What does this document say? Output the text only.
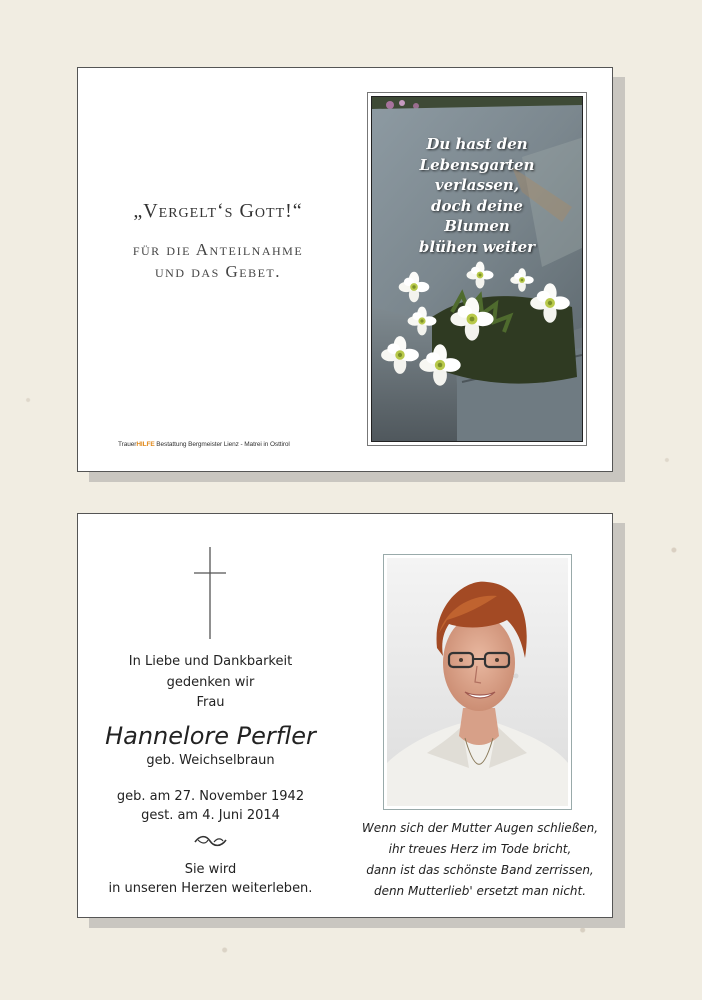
„Vergelt‘s Gott!“
für die Anteilnahme
und das Gebet.
TrauerHILFE Bestattung Bergmeister Lienz - Matrei in Osttirol
Du hast den
Lebensgarten
verlassen,
doch deine
Blumen
blühen weiter
In Liebe und Dankbarkeit
gedenken wir
Frau
Hannelore Perfler
geb. Weichselbraun
geb. am 27. November 1942
gest. am 4. Juni 2014
Sie wird
in unseren Herzen weiterleben.
Wenn sich der Mutter Augen schließen,
ihr treues Herz im Tode bricht,
dann ist das schönste Band zerrissen,
denn Mutterlieb' ersetzt man nicht.
